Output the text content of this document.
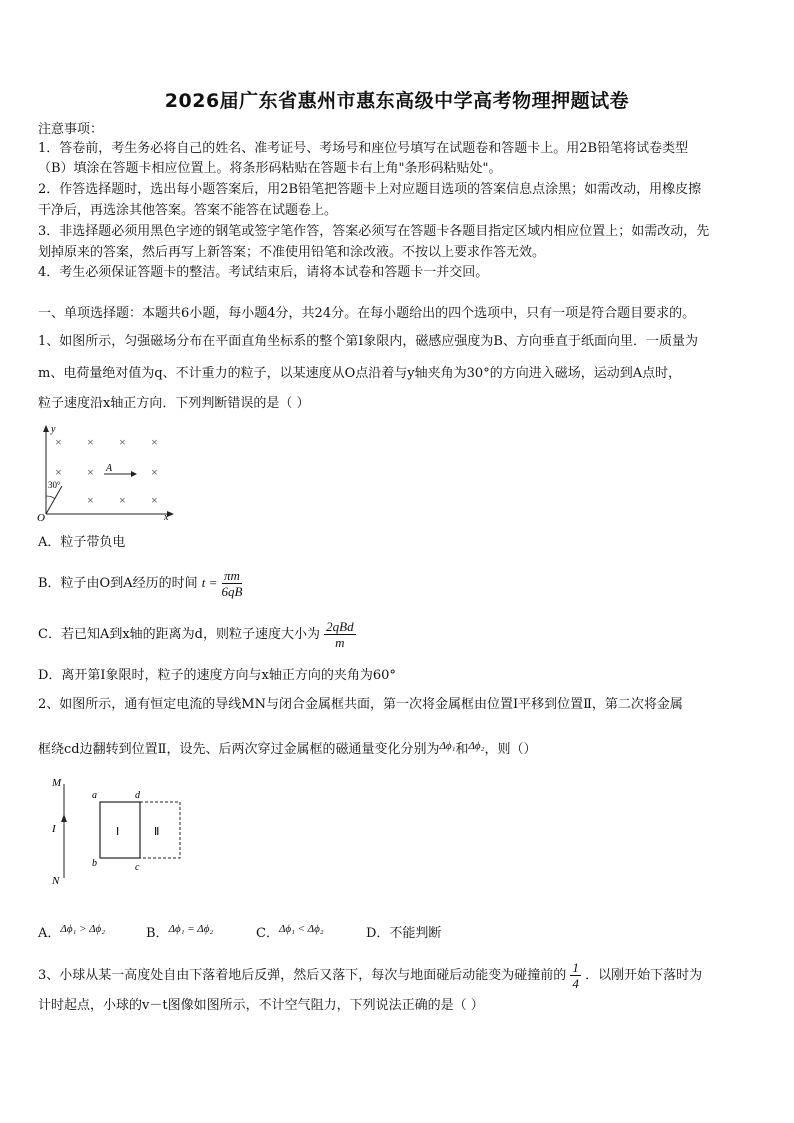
2026届广东省惠州市惠东高级中学高考物理押题试卷
注意事项：
1．答卷前，考生务必将自己的姓名、准考证号、考场号和座位号填写在试题卷和答题卡上。用2B铅笔将试卷类型
（B）填涂在答题卡相应位置上。将条形码粘贴在答题卡右上角"条形码粘贴处"。
2．作答选择题时，选出每小题答案后，用2B铅笔把答题卡上对应题目选项的答案信息点涂黑；如需改动，用橡皮擦
干净后，再选涂其他答案。答案不能答在试题卷上。
3．非选择题必须用黑色字迹的钢笔或签字笔作答，答案必须写在答题卡各题目指定区域内相应位置上；如需改动，先
划掉原来的答案，然后再写上新答案；不准使用铅笔和涂改液。不按以上要求作答无效。
4．考生必须保证答题卡的整洁。考试结束后，请将本试卷和答题卡一并交回。
一、单项选择题：本题共6小题，每小题4分，共24分。在每小题给出的四个选项中，只有一项是符合题目要求的。
1、如图所示，匀强磁场分布在平面直角坐标系的整个第Ⅰ象限内，磁感应强度为B、方向垂直于纸面向里．一质量为
m、电荷量绝对值为q、不计重力的粒子，以某速度从O点沿着与y轴夹角为30°的方向进入磁场，运动到A点时，
粒子速度沿x轴正方向．下列判断错误的是（ ）
y
x
O
× × × ×
× ×	×
× × ×
A
30°
A．粒子带负电
B．粒子由O到A经历的时间 $t = \frac{\pi m}{6qB}$
C．若已知A到x轴的距离为d，则粒子速度大小为 $\frac{\text{2qBd}}{m}$
D．离开第Ⅰ象限时，粒子的速度方向与x轴正方向的夹角为60°
2、如图所示，通有恒定电流的导线MN与闭合金属框共面，第一次将金属框由位置Ⅰ平移到位置Ⅱ，第二次将金属
框绕cd边翻转到位置Ⅱ，设先、后两次穿过金属框的磁通量变化分别为$^{\Delta\phi_1}$和$^{\Delta\phi_2}$，则（）
M
N
I
a	d
b	c
Ⅰ	Ⅱ
A．$^{\Delta\phi_1 > \Delta\phi_2}$	B．$^{\Delta\phi_1 = \Delta\phi_2}$	C．$^{\Delta\phi_1 < \Delta\phi_2}$	D．不能判断
3、小球从某一高度处自由下落着地后反弹，然后又落下，每次与地面碰后动能变为碰撞前的 $\frac{1}{4}$ ．以刚开始下落时为
计时起点，小球的v－t图像如图所示，不计空气阻力，下列说法正确的是（ ）
